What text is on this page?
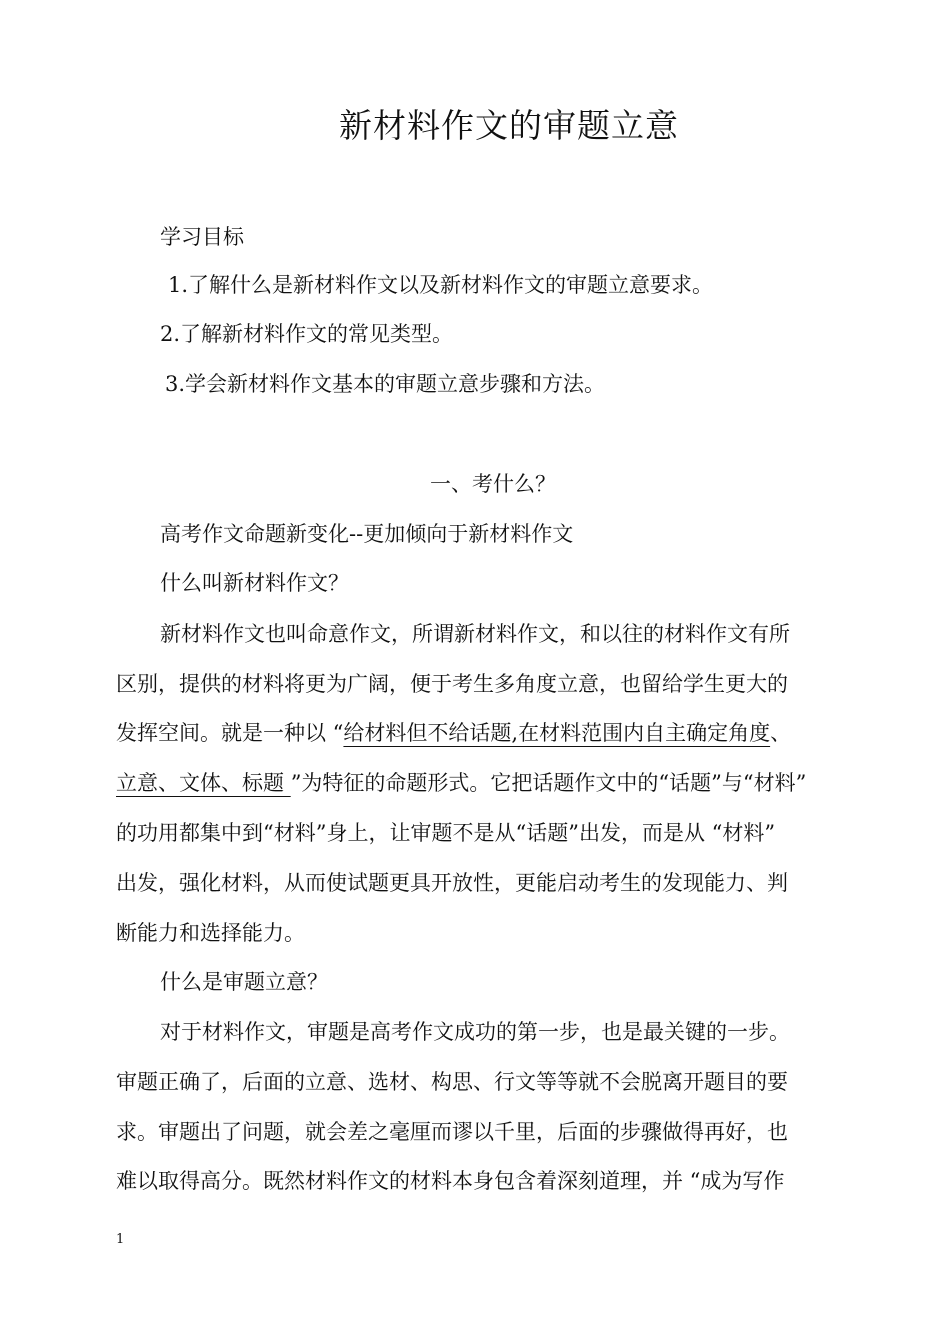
新材料作文的审题立意
学习目标
1.了解什么是新材料作文以及新材料作文的审题立意要求。
2.了解新材料作文的常见类型。
3.学会新材料作文基本的审题立意步骤和方法。
一、考什么？
高考作文命题新变化--更加倾向于新材料作文
什么叫新材料作文？
新材料作文也叫命意作文，所谓新材料作文，和以往的材料作文有所
区别，提供的材料将更为广阔，便于考生多角度立意，也留给学生更大的
发挥空间。就是一种以 “给材料但不给话题,在材料范围内自主确定角度、
立意、文体、标题 ”为特征的命题形式。它把话题作文中的“话题”与“材料”
的功用都集中到“材料”身上，让审题不是从“话题”出发，而是从 “材料”
出发，强化材料，从而使试题更具开放性，更能启动考生的发现能力、判
断能力和选择能力。
什么是审题立意？
对于材料作文，审题是高考作文成功的第一步，也是最关键的一步。
审题正确了，后面的立意、选材、构思、行文等等就不会脱离开题目的要
求。审题出了问题，就会差之毫厘而谬以千里，后面的步骤做得再好，也
难以取得高分。既然材料作文的材料本身包含着深刻道理，并 “成为写作
1
